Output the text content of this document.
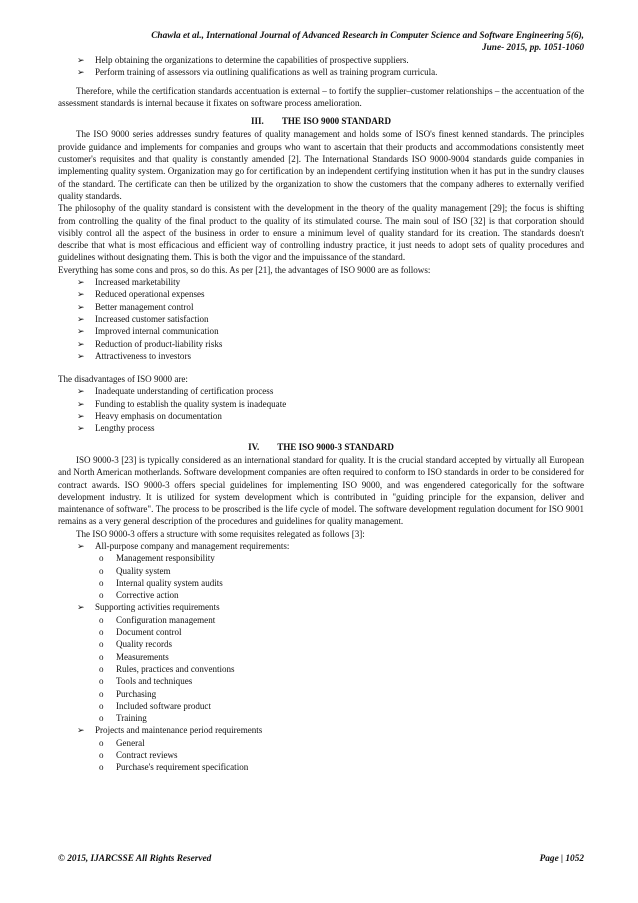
Chawla et al., International Journal of Advanced Research in Computer Science and Software Engineering 5(6),
June- 2015, pp. 1051-1060
➢	Help obtaining the organizations to determine the capabilities of prospective suppliers.
➢	Perform training of assessors via outlining qualifications as well as training program curricula.
Therefore, while the certification standards accentuation is external – to fortify the supplier–customer relationships – the accentuation of the assessment standards is internal because it fixates on software process amelioration.
III. THE ISO 9000 STANDARD
The ISO 9000 series addresses sundry features of quality management and holds some of ISO's finest kenned standards. The principles provide guidance and implements for companies and groups who want to ascertain that their products and accommodations consistently meet customer's requisites and that quality is constantly amended [2]. The International Standards ISO 9000-9004 standards guide companies in implementing quality system. Organization may go for certification by an independent certifying institution when it has put in the sundry clauses of the standard. The certificate can then be utilized by the organization to show the customers that the company adheres to externally verified quality standards.
The philosophy of the quality standard is consistent with the development in the theory of the quality management [29]; the focus is shifting from controlling the quality of the final product to the quality of its stimulated course. The main soul of ISO [32] is that corporation should visibly control all the aspect of the business in order to ensure a minimum level of quality standard for its creation. The standards doesn't describe that what is most efficacious and efficient way of controlling industry practice, it just needs to adopt sets of quality procedures and guidelines without designating them. This is both the vigor and the impuissance of the standard.
Everything has some cons and pros, so do this. As per [21], the advantages of ISO 9000 are as follows:
➢	Increased marketability
➢	Reduced operational expenses
➢	Better management control
➢	Increased customer satisfaction
➢	Improved internal communication
➢	Reduction of product-liability risks
➢	Attractiveness to investors
The disadvantages of ISO 9000 are:
➢	Inadequate understanding of certification process
➢	Funding to establish the quality system is inadequate
➢	Heavy emphasis on documentation
➢	Lengthy process
IV. THE ISO 9000-3 STANDARD
ISO 9000-3 [23] is typically considered as an international standard for quality. It is the crucial standard accepted by virtually all European and North American motherlands. Software development companies are often required to conform to ISO standards in order to be considered for contract awards. ISO 9000-3 offers special guidelines for implementing ISO 9000, and was engendered categorically for the software development industry. It is utilized for system development which is contributed in "guiding principle for the expansion, deliver and maintenance of software". The process to be proscribed is the life cycle of model. The software development regulation document for ISO 9001 remains as a very general description of the procedures and guidelines for quality management.
The ISO 9000-3 offers a structure with some requisites relegated as follows [3]:
➢	All-purpose company and management requirements:
o Management responsibility
o Quality system
o Internal quality system audits
o Corrective action
➢	Supporting activities requirements
o Configuration management
o Document control
o Quality records
o Measurements
o Rules, practices and conventions
o Tools and techniques
o Purchasing
o Included software product
o Training
➢	Projects and maintenance period requirements
o General
o Contract reviews
o Purchase's requirement specification
© 2015, IJARCSSE All Rights Reserved	Page | 1052
